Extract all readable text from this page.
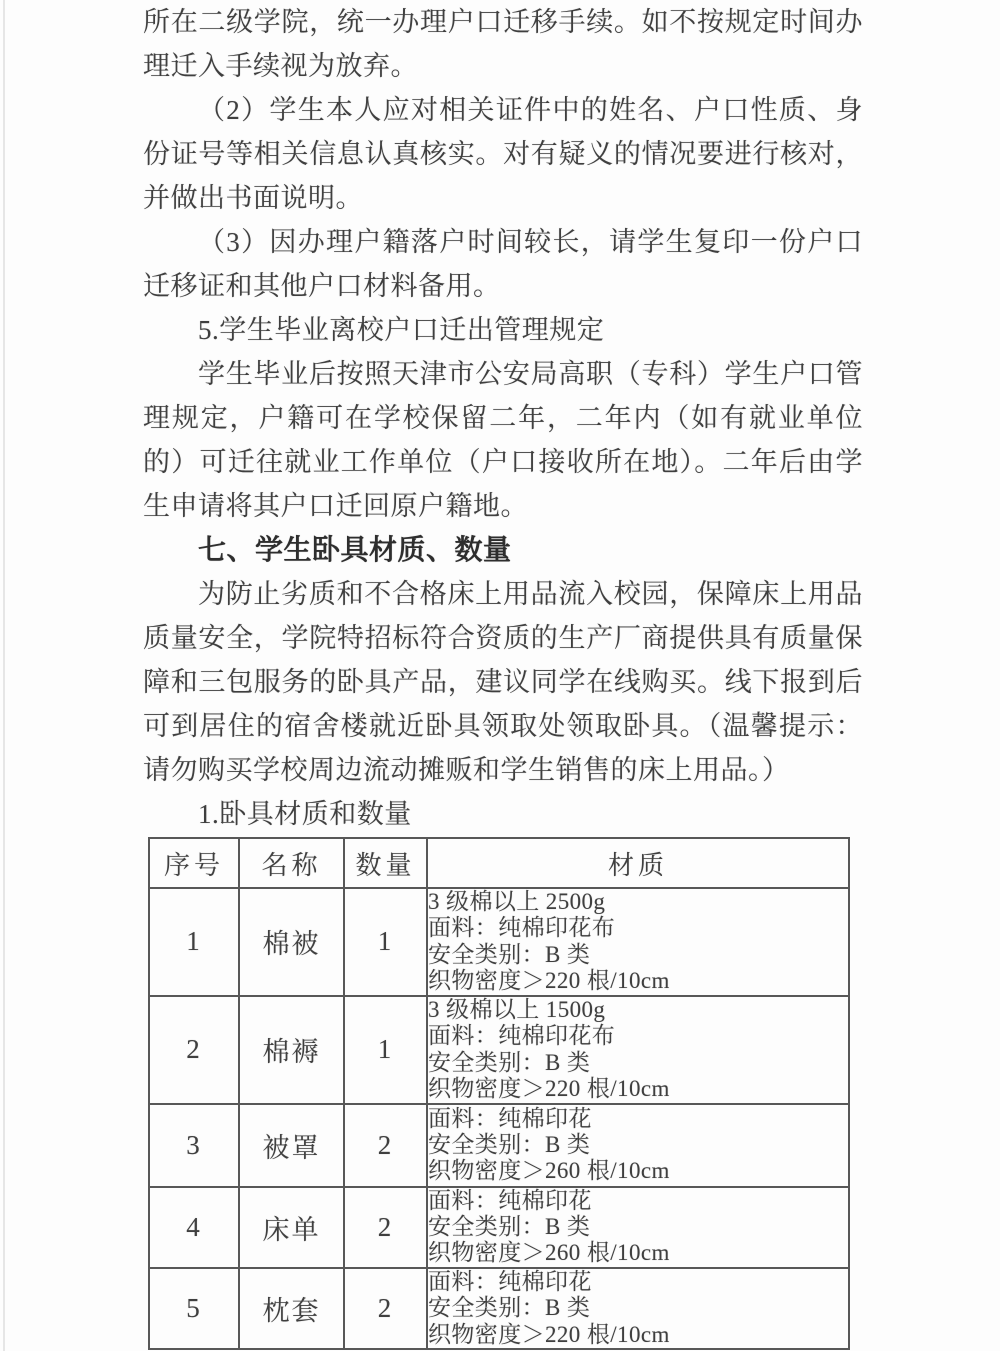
所在二级学院，统一办理户口迁移手续。如不按规定时间办理迁入手续视为放弃。

（2）学生本人应对相关证件中的姓名、户口性质、身份证号等相关信息认真核实。对有疑义的情况要进行核对，并做出书面说明。

（3）因办理户籍落户时间较长，请学生复印一份户口迁移证和其他户口材料备用。

5.学生毕业离校户口迁出管理规定

学生毕业后按照天津市公安局高职（专科）学生户口管理规定，户籍可在学校保留二年，二年内（如有就业单位的）可迁往就业工作单位（户口接收所在地）。二年后由学生申请将其户口迁回原户籍地。

七、学生卧具材质、数量

为防止劣质和不合格床上用品流入校园，保障床上用品质量安全，学院特招标符合资质的生产厂商提供具有质量保障和三包服务的卧具产品，建议同学在线购买。线下报到后可到居住的宿舍楼就近卧具领取处领取卧具。（温馨提示：请勿购买学校周边流动摊贩和学生销售的床上用品。）

1.卧具材质和数量

序号	名称	数量	材质
1	棉被	1	3 级棉以上 2500g
面料：纯棉印花布
安全类别：B 类
织物密度＞220 根/10cm

2	棉褥	1	3 级棉以上 1500g
面料：纯棉印花布
安全类别：B 类
织物密度＞220 根/10cm

3	被罩	2	面料：纯棉印花
安全类别：B 类
织物密度＞260 根/10cm

4	床单	2	面料：纯棉印花
安全类别：B 类
织物密度＞260 根/10cm

5	枕套	2	面料：纯棉印花
安全类别：B 类
织物密度＞220 根/10cm
